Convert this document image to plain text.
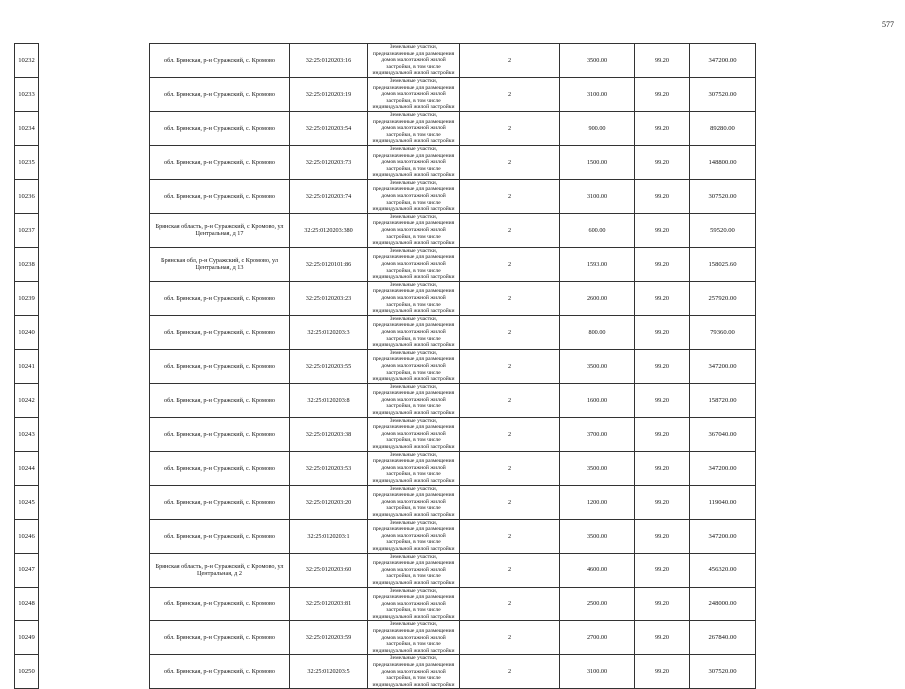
577
10232		обл. Брянская, р-н Суражский, с. Кромово	32:25:0120203:16	Земельные участки, предназначенные для размещения домов малоэтажной жилой застройки, в том числе индивидуальной жилой застройки	2	3500.00	99.20	347200.00
10233		обл. Брянская, р-н Суражский, с. Кромово	32:25:0120203:19	Земельные участки, предназначенные для размещения домов малоэтажной жилой застройки, в том числе индивидуальной жилой застройки	2	3100.00	99.20	307520.00
10234		обл. Брянская, р-н Суражский, с. Кромово	32:25:0120203:54	Земельные участки, предназначенные для размещения домов малоэтажной жилой застройки, в том числе индивидуальной жилой застройки	2	900.00	99.20	89280.00
10235		обл. Брянская, р-н Суражский, с. Кромово	32:25:0120203:73	Земельные участки, предназначенные для размещения домов малоэтажной жилой застройки, в том числе индивидуальной жилой застройки	2	1500.00	99.20	148800.00
10236		обл. Брянская, р-н Суражский, с. Кромово	32:25:0120203:74	Земельные участки, предназначенные для размещения домов малоэтажной жилой застройки, в том числе индивидуальной жилой застройки	2	3100.00	99.20	307520.00
10237		Брянская область, р-н Суражский, с Кромово, ул Центральная, д 17	32:25:0120203:380	Земельные участки, предназначенные для размещения домов малоэтажной жилой застройки, в том числе индивидуальной жилой застройки	2	600.00	99.20	59520.00
10238		Брянская обл, р-н Суражский, с Кромово, ул Центральная, д 13	32:25:0120101:86	Земельные участки, предназначенные для размещения домов малоэтажной жилой застройки, в том числе индивидуальной жилой застройки	2	1593.00	99.20	158025.60
10239		обл. Брянская, р-н Суражский, с. Кромово	32:25:0120203:23	Земельные участки, предназначенные для размещения домов малоэтажной жилой застройки, в том числе индивидуальной жилой застройки	2	2600.00	99.20	257920.00
10240		обл. Брянская, р-н Суражский, с. Кромово	32:25:0120203:3	Земельные участки, предназначенные для размещения домов малоэтажной жилой застройки, в том числе индивидуальной жилой застройки	2	800.00	99.20	79360.00
10241		обл. Брянская, р-н Суражский, с. Кромово	32:25:0120203:55	Земельные участки, предназначенные для размещения домов малоэтажной жилой застройки, в том числе индивидуальной жилой застройки	2	3500.00	99.20	347200.00
10242		обл. Брянская, р-н Суражский, с. Кромово	32:25:0120203:8	Земельные участки, предназначенные для размещения домов малоэтажной жилой застройки, в том числе индивидуальной жилой застройки	2	1600.00	99.20	158720.00
10243		обл. Брянская, р-н Суражский, с. Кромово	32:25:0120203:38	Земельные участки, предназначенные для размещения домов малоэтажной жилой застройки, в том числе индивидуальной жилой застройки	2	3700.00	99.20	367040.00
10244		обл. Брянская, р-н Суражский, с. Кромово	32:25:0120203:53	Земельные участки, предназначенные для размещения домов малоэтажной жилой застройки, в том числе индивидуальной жилой застройки	2	3500.00	99.20	347200.00
10245		обл. Брянская, р-н Суражский, с. Кромово	32:25:0120203:20	Земельные участки, предназначенные для размещения домов малоэтажной жилой застройки, в том числе индивидуальной жилой застройки	2	1200.00	99.20	119040.00
10246		обл. Брянская, р-н Суражский, с. Кромово	32:25:0120203:1	Земельные участки, предназначенные для размещения домов малоэтажной жилой застройки, в том числе индивидуальной жилой застройки	2	3500.00	99.20	347200.00
10247		Брянская область, р-н Суражский, с Кромово, ул Центральная, д 2	32:25:0120203:60	Земельные участки, предназначенные для размещения домов малоэтажной жилой застройки, в том числе индивидуальной жилой застройки	2	4600.00	99.20	456320.00
10248		обл. Брянская, р-н Суражский, с. Кромово	32:25:0120203:81	Земельные участки, предназначенные для размещения домов малоэтажной жилой застройки, в том числе индивидуальной жилой застройки	2	2500.00	99.20	248000.00
10249		обл. Брянская, р-н Суражский, с. Кромово	32:25:0120203:59	Земельные участки, предназначенные для размещения домов малоэтажной жилой застройки, в том числе индивидуальной жилой застройки	2	2700.00	99.20	267840.00
10250		обл. Брянская, р-н Суражский, с. Кромово	32:25:0120203:5	Земельные участки, предназначенные для размещения домов малоэтажной жилой застройки, в том числе индивидуальной жилой застройки	2	3100.00	99.20	307520.00
